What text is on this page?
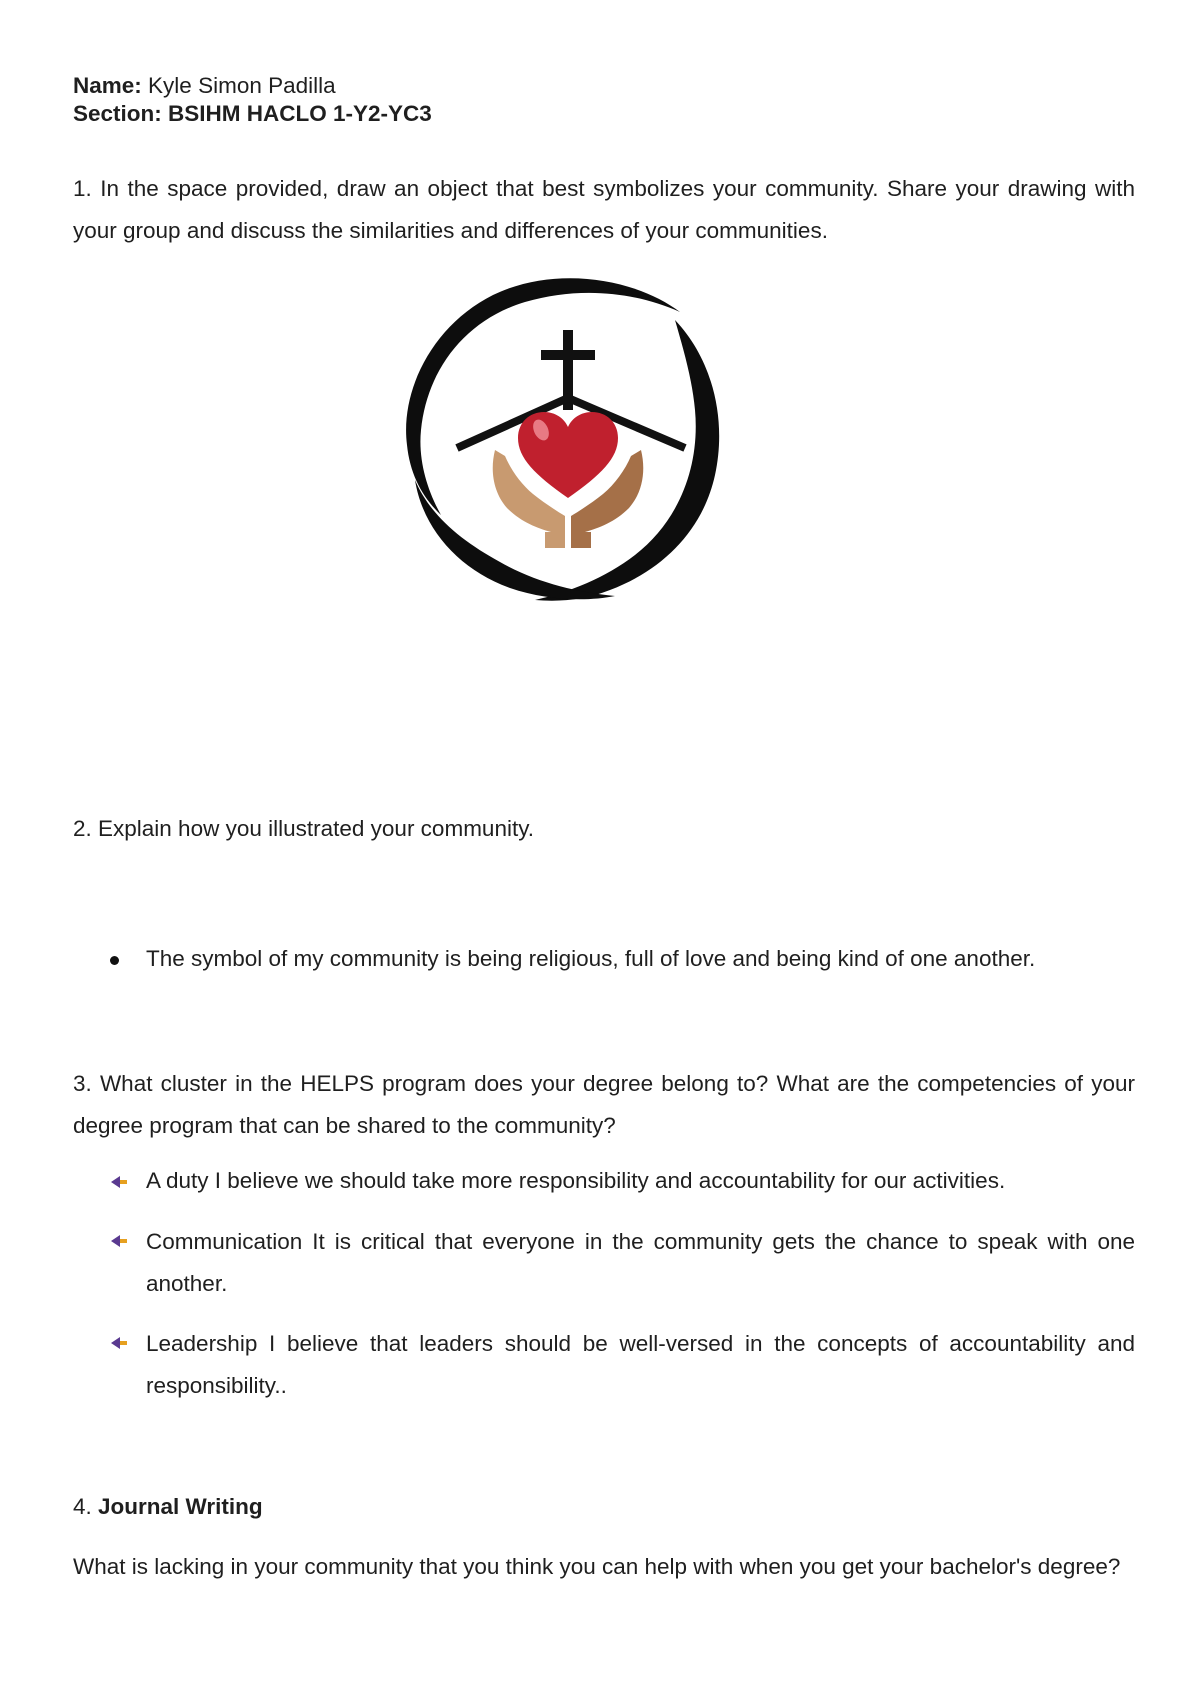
Name: Kyle Simon Padilla
Section: BSIHM HACLO 1-Y2-YC3
1. In the space provided, draw an object that best symbolizes your community. Share your drawing with your group and discuss the similarities and differences of your communities.
2. Explain how you illustrated your community.
The symbol of my community is being religious, full of love and being kind of one another.
3. What cluster in the HELPS program does your degree belong to? What are the competencies of your degree program that can be shared to the community?
A duty I believe we should take more responsibility and accountability for our activities.
Communication It is critical that everyone in the community gets the chance to speak with one another.
Leadership I believe that leaders should be well-versed in the concepts of accountability and responsibility..
4. Journal Writing
What is lacking in your community that you think you can help with when you get your bachelor's degree?
